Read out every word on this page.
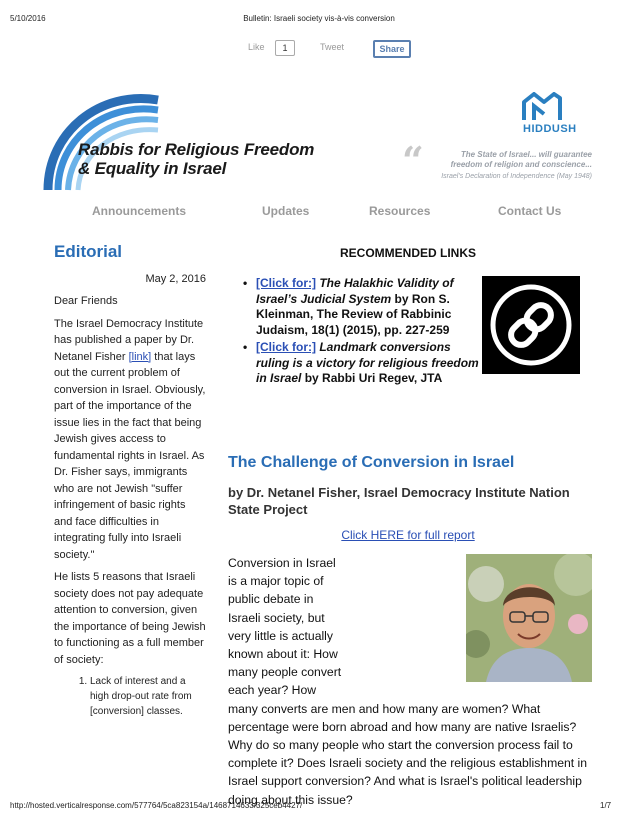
5/10/2016	Bulletin: Israeli society vis-à-vis conversion
Like	1	Tweet	Share
Rabbis for Religious Freedom
& Equality in Israel
HIDDUSH
“	The State of Israel... will guarantee
freedom of religion and conscience...
Israel's Declaration of Independence (May 1948)
Announcements	Updates	Resources	Contact Us
Editorial
May 2, 2016

Dear Friends

The Israel Democracy Institute has published a paper by Dr. Netanel Fisher [link] that lays out the current problem of conversion in Israel. Obviously, part of the importance of the issue lies in the fact that being Jewish gives access to fundamental rights in Israel. As Dr. Fisher says, immigrants who are not Jewish "suffer infringement of basic rights and face difficulties in integrating fully into Israeli society."

He lists 5 reasons that Israeli society does not pay adequate attention to conversion, given the importance of being Jewish to functioning as a full member of society:

1. Lack of interest and a high drop-out rate from [conversion] classes.
RECOMMENDED LINKS
• [Click for:] The Halakhic Validity of Israel’s Judicial System by Ron S. Kleinman, The Review of Rabbinic Judaism, 18(1) (2015), pp. 227-259
• [Click for:] Landmark conversions ruling is a victory for religious freedom in Israel by Rabbi Uri Regev, JTA
The Challenge of Conversion in Israel
by Dr. Netanel Fisher, Israel Democracy Institute Nation State Project
Click HERE for full report
Conversion in Israel is a major topic of public debate in Israeli society, but very little is actually known about it: How many people convert each year? How many converts are men and how many are women? What percentage were born abroad and how many are native Israelis? Why do so many people who start the conversion process fail to complete it? Does Israeli society and the religious establishment in Israel support conversion? And what is Israel's political leadership doing about this issue?
http://hosted.verticalresponse.com/577764/5ca823154a/1468714633/325ceb4427/	1/7
